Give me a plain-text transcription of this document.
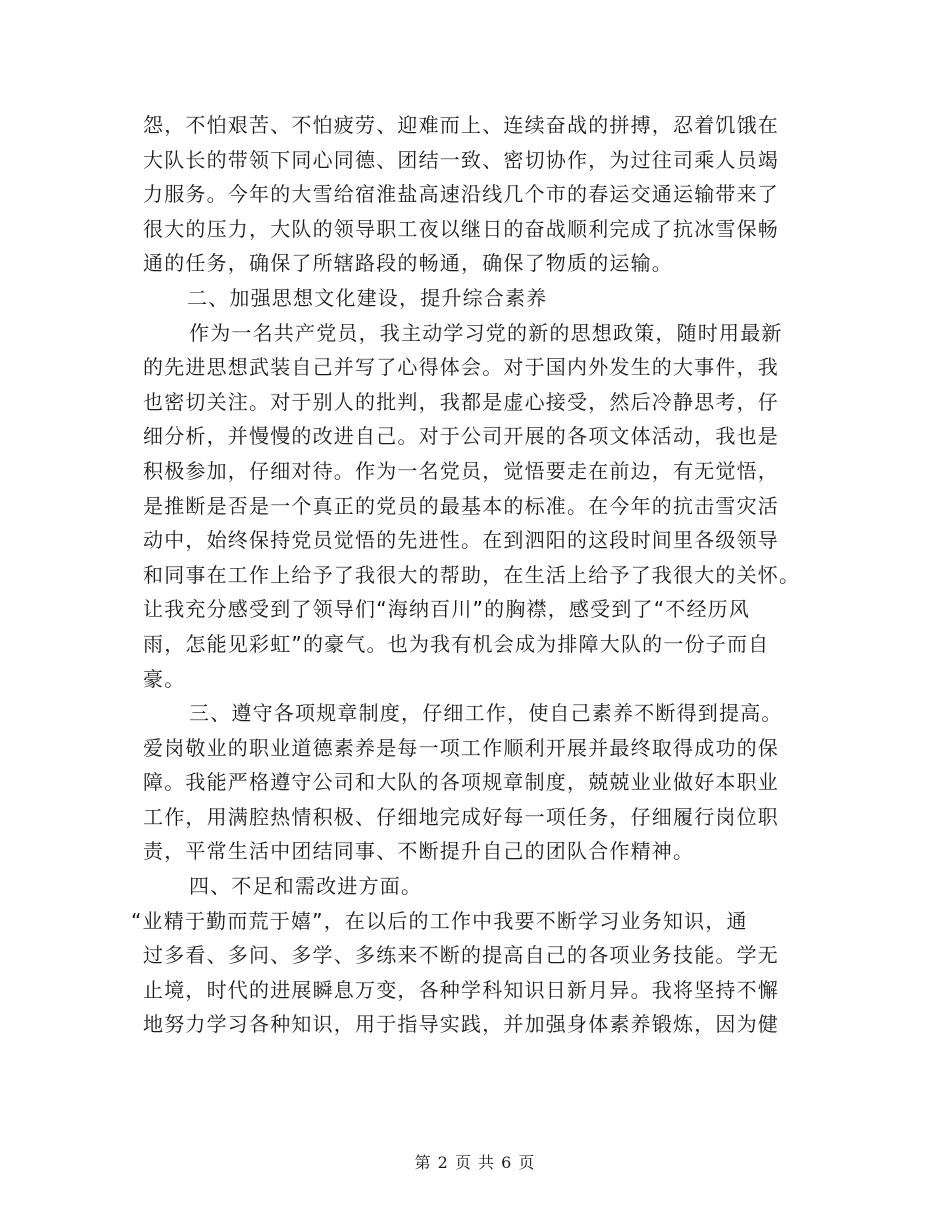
怨，不怕艰苦、不怕疲劳、迎难而上、连续奋战的拼搏，忍着饥饿在
大队长的带领下同心同德、团结一致、密切协作，为过往司乘人员竭
力服务。今年的大雪给宿淮盐高速沿线几个市的春运交通运输带来了
很大的压力，大队的领导职工夜以继日的奋战顺利完成了抗冰雪保畅
通的任务，确保了所辖路段的畅通，确保了物质的运输。
二、加强思想文化建设，提升综合素养
作为一名共产党员，我主动学习党的新的思想政策，随时用最新
的先进思想武装自己并写了心得体会。对于国内外发生的大事件，我
也密切关注。对于别人的批判，我都是虚心接受，然后冷静思考，仔
细分析，并慢慢的改进自己。对于公司开展的各项文体活动，我也是
积极参加，仔细对待。作为一名党员，觉悟要走在前边，有无觉悟，
是推断是否是一个真正的党员的最基本的标准。在今年的抗击雪灾活
动中，始终保持党员觉悟的先进性。在到泗阳的这段时间里各级领导
和同事在工作上给予了我很大的帮助，在生活上给予了我很大的关怀。
让我充分感受到了领导们“海纳百川”的胸襟，感受到了“不经历风
雨，怎能见彩虹”的豪气。也为我有机会成为排障大队的一份子而自
豪。
三、遵守各项规章制度，仔细工作，使自己素养不断得到提高。
爱岗敬业的职业道德素养是每一项工作顺利开展并最终取得成功的保
障。我能严格遵守公司和大队的各项规章制度，兢兢业业做好本职业
工作，用满腔热情积极、仔细地完成好每一项任务，仔细履行岗位职
责，平常生活中团结同事、不断提升自己的团队合作精神。
四、不足和需改进方面。
“业精于勤而荒于嬉”，在以后的工作中我要不断学习业务知识，通
过多看、多问、多学、多练来不断的提高自己的各项业务技能。学无
止境，时代的进展瞬息万变，各种学科知识日新月异。我将坚持不懈
地努力学习各种知识，用于指导实践，并加强身体素养锻炼，因为健
第 2 页 共 6 页
